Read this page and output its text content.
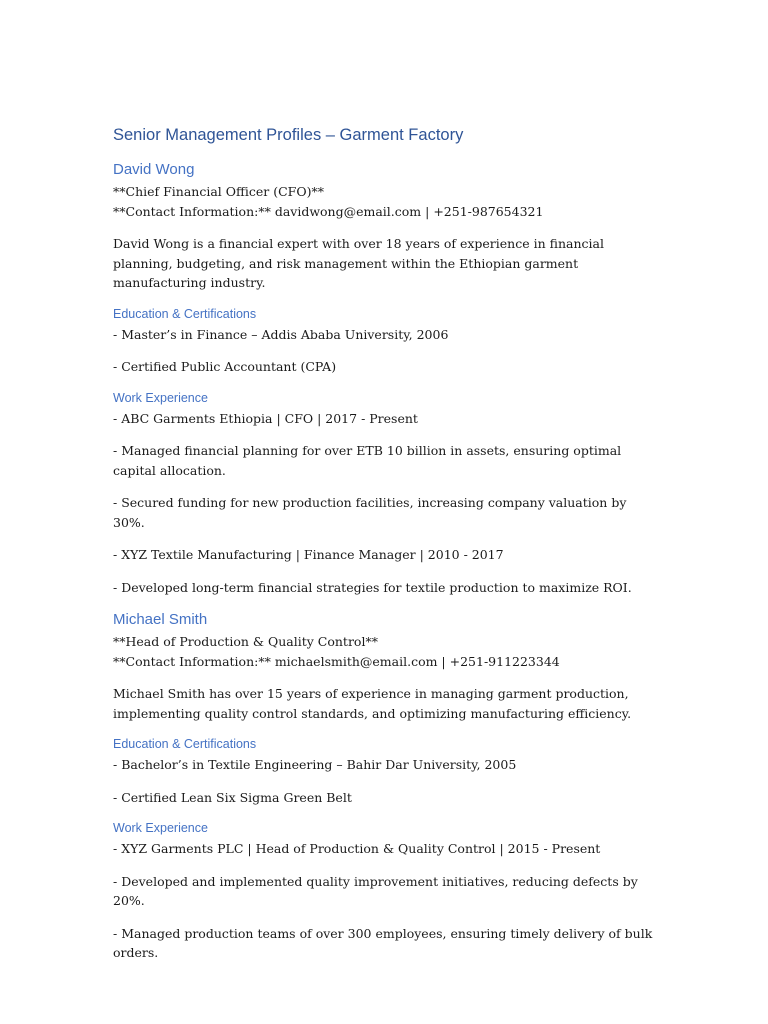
Senior Management Profiles – Garment Factory
David Wong

**Chief Financial Officer (CFO)**

**Contact Information:** davidwong@email.com | +251-987654321

David Wong is a financial expert with over 18 years of experience in financial planning, budgeting, and risk management within the Ethiopian garment manufacturing industry.

Education & Certifications

- Master’s in Finance – Addis Ababa University, 2006

- Certified Public Accountant (CPA)

Work Experience

- ABC Garments Ethiopia | CFO | 2017 - Present

- Managed financial planning for over ETB 10 billion in assets, ensuring optimal capital allocation.

- Secured funding for new production facilities, increasing company valuation by 30%.

- XYZ Textile Manufacturing | Finance Manager | 2010 - 2017

- Developed long-term financial strategies for textile production to maximize ROI.

Michael Smith

**Head of Production & Quality Control**

**Contact Information:** michaelsmith@email.com | +251-911223344

Michael Smith has over 15 years of experience in managing garment production, implementing quality control standards, and optimizing manufacturing efficiency.

Education & Certifications

- Bachelor’s in Textile Engineering – Bahir Dar University, 2005

- Certified Lean Six Sigma Green Belt

Work Experience

- XYZ Garments PLC | Head of Production & Quality Control | 2015 - Present

- Developed and implemented quality improvement initiatives, reducing defects by 20%.

- Managed production teams of over 300 employees, ensuring timely delivery of bulk orders.
